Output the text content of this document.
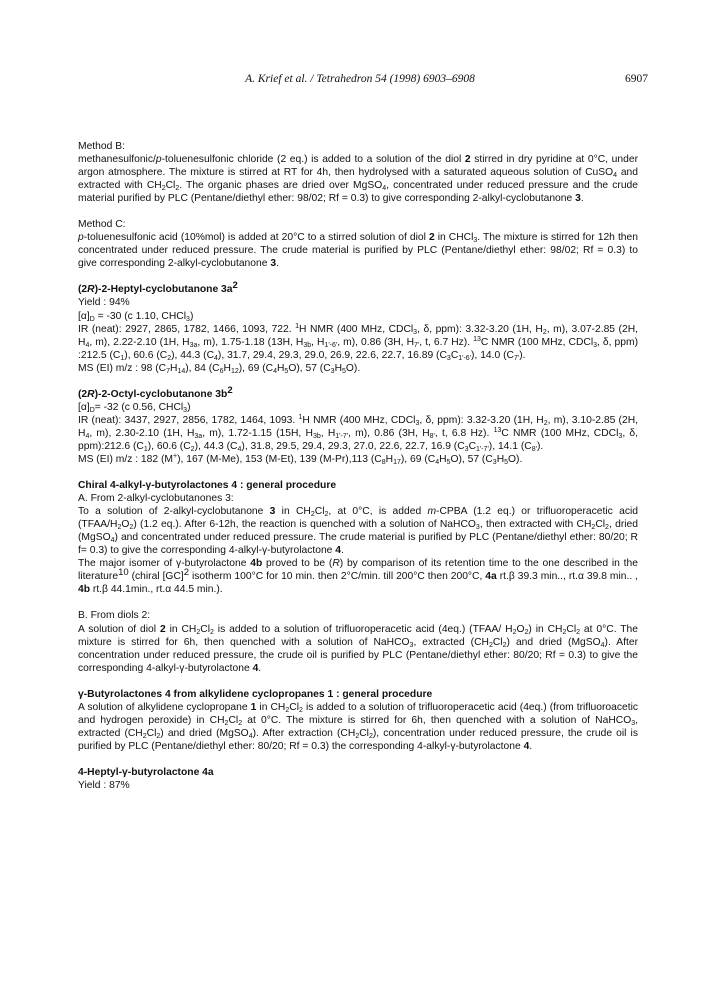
A. Krief et al. / Tetrahedron 54 (1998) 6903–6908	6907

Method B:

methanesulfonic/p-toluenesulfonic chloride (2 eq.) is added to a solution of the diol 2 stirred in dry pyridine at 0°C, under argon atmosphere. The mixture is stirred at RT for 4h, then hydrolysed with a saturated aqueous solution of CuSO$_4$ and extracted with $CH_2Cl_2$. The organic phases are dried over MgSO$_4$, concentrated under reduced pressure and the crude material purified by PLC (Pentane/diethyl ether: 98/02; Rf = 0.3) to give corresponding 2-alkyl-cyclobutanone 3.

Method C:

p-toluenesulfonic acid (10%mol) is added at 20°C to a stirred solution of diol 2 in CHCl$_3$. The mixture is stirred for 12h then concentrated under reduced pressure. The crude material is purified by PLC (Pentane/diethyl ether: 98/02; Rf = 0.3) to give corresponding 2-alkyl-cyclobutanone 3.

(2R)-2-Heptyl-cyclobutanone $3a^2$

Yield : 94%

$[\alpha]_D = -30$ (c 1.10, CHCl$_3$)

IR (neat): 2927, 2865, 1782, 1466, 1093, 722. $^1$H NMR (400 MHz, CDCl$_3$, δ, ppm): 3.32-3.20 (1H, $H_2$, m), 3.07-2.85 (2H, $H_4$, m), 2.22-2.10 (1H, $H_{3a}$, m), 1.75-1.18 (13H, $H_{3b}$, $H_{1'-6'}$, m), 0.86 (3H, $H_{7'}$, t, 6.7 Hz). $^{13}$C NMR (100 MHz, CDCl$_3$, δ, ppm) :212.5 $(C_1)$, 60.6 $(C_2)$, 44.3 $(C_4)$, 31.7, 29.4, 29.3, 29.0, 26.9, 22.6, 22.7, 16.89 $(C_3C_{1'-6'})$, 14.0 $(C_{7'})$.

MS (EI) m/z : 98 $(C_7H_{14})$, 84 $(C_6H_{12})$, 69 $(C_4H_5O)$, 57 $(C_3H_5O)$.

(2R)-2-Octyl-cyclobutanone $3b^2$

$[\alpha]_D= -32$ (c 0.56, CHCl$_3$)

IR (neat): 3437, 2927, 2856, 1782, 1464, 1093. $^1$H NMR (400 MHz, CDCl$_3$, δ, ppm): 3.32-3.20 (1H, $H_2$, m), 3.10-2.85 (2H, $H_4$, m), 2.30-2.10 (1H, $H_{3a}$, m), 1.72-1.15 (15H, $H_{3b}$, $H_{1'-7'}$, m), 0.86 (3H, $H_{8'}$, t, 6.8 Hz). $^{13}$C NMR (100 MHz, CDCl$_3$, δ, ppm):212.6 $(C_1)$, 60.6 $(C_2)$, 44.3 $(C_4)$, 31.8, 29.5, 29.4, 29.3, 27.0, 22.6, 22.7, 16.9 $(C_3C_{1'-7'})$, 14.1 $(C_{8'})$.

MS (EI) m/z : 182 (M+), 167 (M-Me), 153 (M-Et), 139 (M-Pr),113 $(C_8H_{17})$, 69 $(C_4H_5O)$, 57 $(C_3H_5O)$.

Chiral 4-alkyl-γ-butyrolactones 4 : general procedure

A. From 2-alkyl-cyclobutanones 3:

To a solution of 2-alkyl-cyclobutanone 3 in $CH_2Cl_2$, at 0°C, is added m-CPBA (1.2 eq.) or trifluoroperacetic acid $(TFAA/H_2O_2)$ (1.2 eq.). After 6-12h, the reaction is quenched with a solution of NaHCO$_3$, then extracted with $CH_2Cl_2$, dried (MgSO$_4$) and concentrated under reduced pressure. The crude material is purified by PLC (Pentane/diethyl ether: 80/20; R f= 0.3) to give the corresponding 4-alkyl-γ-butyrolactone 4.

The major isomer of γ-butyrolactone 4b proved to be (R) by comparison of its retention time to the one described in the literature$^{10}$ (chiral [GC]$^2$ isotherm 100°C for 10 min. then 2°C/min. till 200°C then 200°C, 4a rt.β 39.3 min.., rt.α 39.8 min.. , 4b rt.β 44.1min., rt.α 44.5 min.).

B. From diols 2:

A solution of diol 2 in $CH_2Cl_2$ is added to a solution of trifluoroperacetic acid (4eq.) (TFAA/ $H_2O_2$) in $CH_2Cl_2$ at 0°C. The mixture is stirred for 6h, then quenched with a solution of NaHCO$_3$, extracted $(CH_2Cl_2)$ and dried (MgSO$_4$). After concentration under reduced pressure, the crude oil is purified by PLC (Pentane/diethyl ether: 80/20; Rf = 0.3) to give the corresponding 4-alkyl-γ-butyrolactone 4.

γ-Butyrolactones 4 from alkylidene cyclopropanes 1 : general procedure

A solution of alkylidene cyclopropane 1 in $CH_2Cl_2$ is added to a solution of trifluoroperacetic acid (4eq.) (from trifluoroacetic and hydrogen peroxide) in $CH_2Cl_2$ at 0°C. The mixture is stirred for 6h, then quenched with a solution of NaHCO$_3$, extracted $(CH_2Cl_2)$ and dried (MgSO$_4$). After extraction $(CH_2Cl_2)$, concentration under reduced pressure, the crude oil is purified by PLC (Pentane/diethyl ether: 80/20; Rf = 0.3) the corresponding 4-alkyl-γ-butyrolactone 4.

4-Heptyl-γ-butyrolactone 4a

Yield : 87%
